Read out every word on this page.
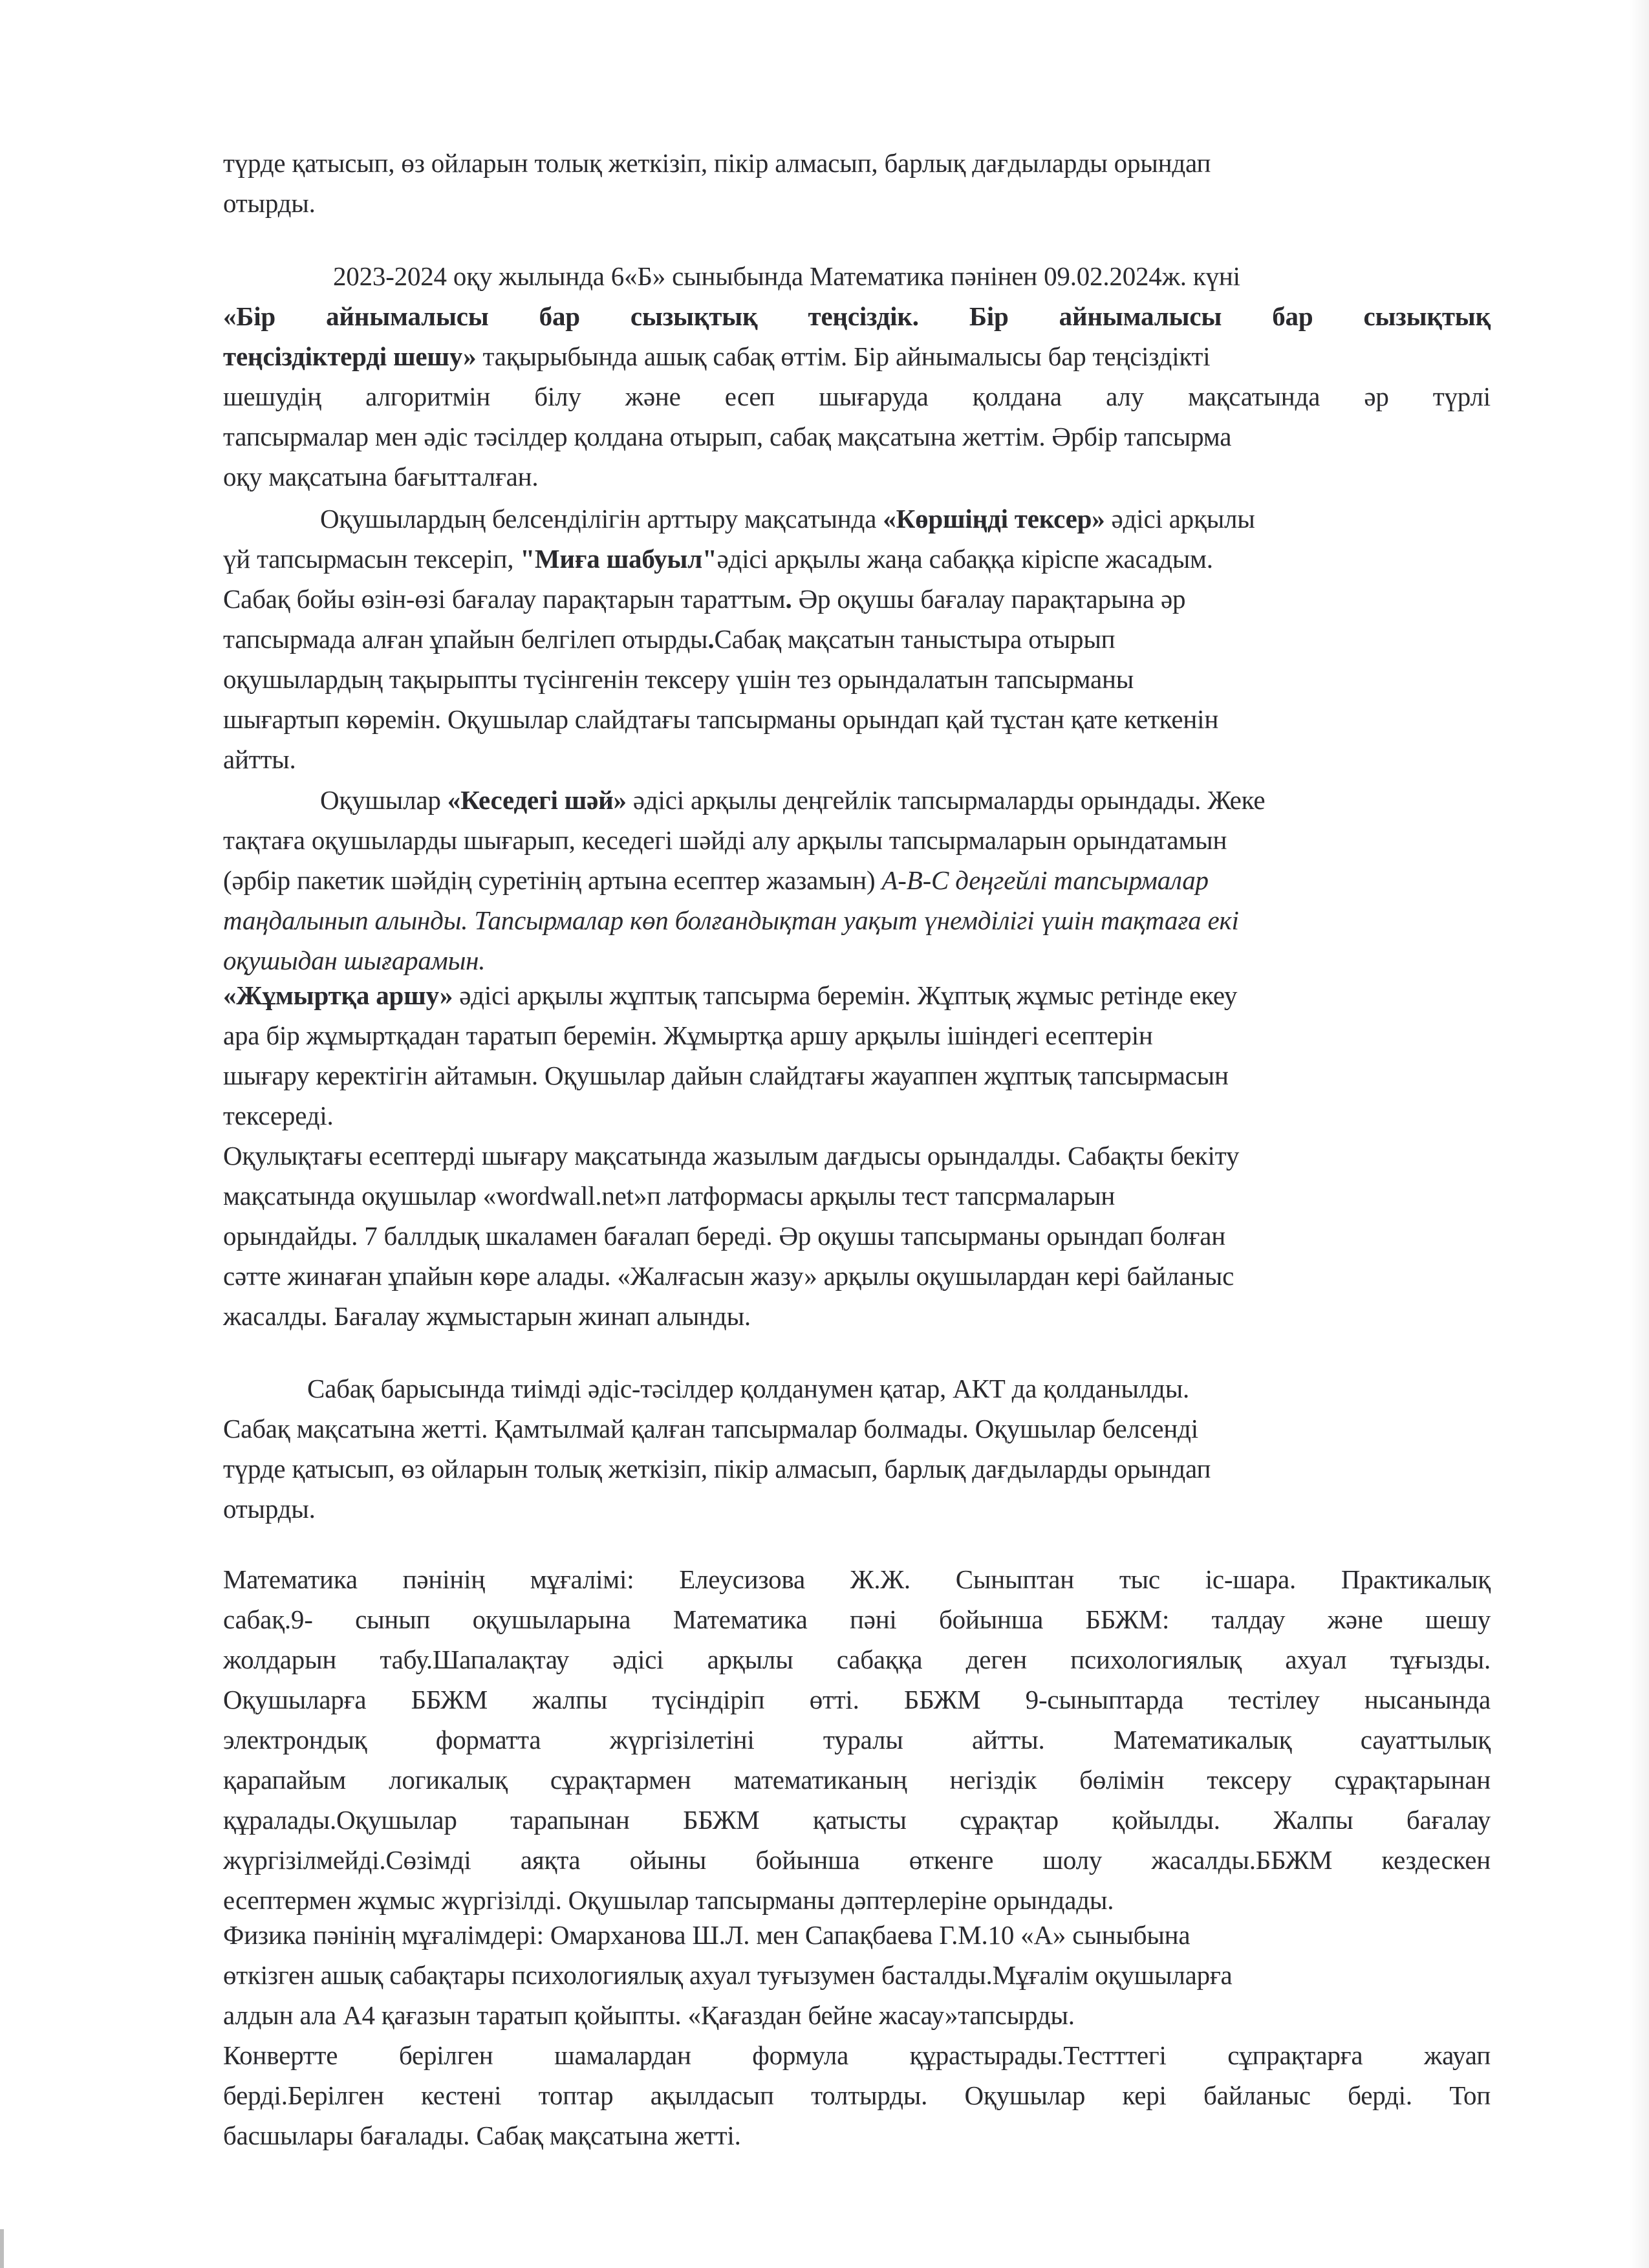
түрде қатысып, өз ойларын толық жеткізіп, пікір алмасып, барлық дағдыларды орындап
отырды.
2023-2024 оқу жылында 6«Б» сыныбында Математика пәнінен 09.02.2024ж. күні
«Бір айнымалысы бар сызықтық теңсіздік. Бір айнымалысы бар сызықтық
теңсіздіктерді шешу» тақырыбында ашық сабақ өттім. Бір айнымалысы бар теңсіздікті
шешудің алгоритмін білу және есеп шығаруда қолдана алу мақсатында әр түрлі
тапсырмалар мен әдіс тәсілдер қолдана отырып, сабақ мақсатына жеттім. Әрбір тапсырма
оқу мақсатына бағытталған.
Оқушылардың белсенділігін арттыру мақсатында «Көршіңді тексер» әдісі арқылы
үй тапсырмасын тексеріп, "Миға шабуыл"әдісі арқылы жаңа сабаққа кіріспе жасадым.
Сабақ бойы өзін-өзі бағалау парақтарын тараттым. Әр оқушы бағалау парақтарына әр
тапсырмада алған ұпайын белгілеп отырды.Сабақ мақсатын таныстыра отырып
оқушылардың тақырыпты түсінгенін тексеру үшін тез орындалатын тапсырманы
шығартып көремін. Оқушылар слайдтағы тапсырманы орындап қай тұстан қате кеткенін
айтты.
Оқушылар «Кеседегі шәй» әдісі арқылы деңгейлік тапсырмаларды орындады. Жеке
тақтаға оқушыларды шығарып, кеседегі шәйді алу арқылы тапсырмаларын орындатамын
(әрбір пакетик шәйдің суретінің артына есептер жазамын) А-В-С деңгейлі тапсырмалар
таңдалынып алынды. Тапсырмалар көп болғандықтан уақыт үнемділігі үшін тақтаға екі
оқушыдан шығарамын.
«Жұмыртқа аршу» әдісі арқылы жұптық тапсырма беремін. Жұптық жұмыс ретінде екеу
ара бір жұмыртқадан таратып беремін. Жұмыртқа аршу арқылы ішіндегі есептерін
шығару керектігін айтамын. Оқушылар дайын слайдтағы жауаппен жұптық тапсырмасын
тексереді.
Оқулықтағы есептерді шығару мақсатында жазылым дағдысы орындалды. Сабақты бекіту
мақсатында оқушылар «wordwall.net»п латформасы арқылы тест тапсрмаларын
орындайды. 7 баллдық шкаламен бағалап береді. Әр оқушы тапсырманы орындап болған
сәтте жинаған ұпайын көре алады. «Жалғасын жазу» арқылы оқушылардан кері байланыс
жасалды. Бағалау жұмыстарын жинап алынды.
Сабақ барысында тиімді әдіс-тәсілдер қолданумен қатар, АКТ да қолданылды.
Сабақ мақсатына жетті. Қамтылмай қалған тапсырмалар болмады. Оқушылар белсенді
түрде қатысып, өз ойларын толық жеткізіп, пікір алмасып, барлық дағдыларды орындап
отырды.
Математика пәнінің мұғалімі: Елеусизова Ж.Ж. Сыныптан тыс іс-шара. Практикалық
сабақ.9- сынып оқушыларына Математика пәні бойынша ББЖМ: талдау және шешу
жолдарын табу.Шапалақтау әдісі арқылы сабаққа деген психологиялық ахуал тұғызды.
Оқушыларға ББЖМ жалпы түсіндіріп өтті. ББЖМ 9-сыныптарда тестілеу нысанында
электрондық форматта жүргізілетіні туралы айтты. Математикалық сауаттылық
қарапайым логикалық сұрақтармен математиканың негіздік бөлімін тексеру сұрақтарынан
құралады.Оқушылар тарапынан ББЖМ қатысты сұрақтар қойылды. Жалпы бағалау
жүргізілмейді.Сөзімді аяқта ойыны бойынша өткенге шолу жасалды.ББЖМ кездескен
есептермен жұмыс жүргізілді. Оқушылар тапсырманы дәптерлеріне орындады.
Физика пәнінің мұғалімдері: Омарханова Ш.Л. мен Сапақбаева Г.М.10 «А» сыныбына
өткізген ашық сабақтары психологиялық ахуал туғызумен басталды.Мұғалім оқушыларға
алдын ала А4 қағазын таратып қойыпты. «Қағаздан бейне жасау»тапсырды.
Конвертте берілген шамалардан формула құрастырады.Тестттегі сұпрақтарға жауап
берді.Берілген кестені топтар ақылдасып толтырды. Оқушылар кері байланыс берді. Топ
басшылары бағалады. Сабақ мақсатына жетті.
